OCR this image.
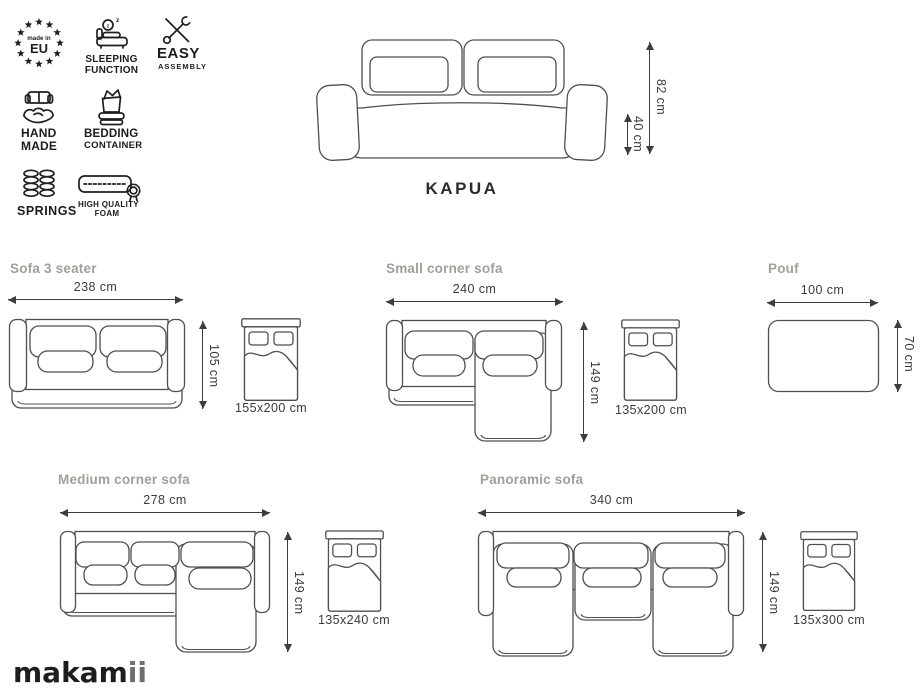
made in
EU
z
z
SLEEPING
FUNCTION
EASY
ASSEMBLY
HAND
MADE
BEDDING
CONTAINER
SPRINGS HIGH QUALITY
FOAM
40 cm
82 cm
KAPUA
Sofa 3 seater
238 cm
105 cm
155x200 cm
Small corner sofa
240 cm
149 cm
135x200 cm
Pouf
100 cm
70 cm
Medium corner sofa
278 cm
149 cm
135x240 cm
Panoramic sofa
340 cm
149 cm
135x300 cm
makamii
